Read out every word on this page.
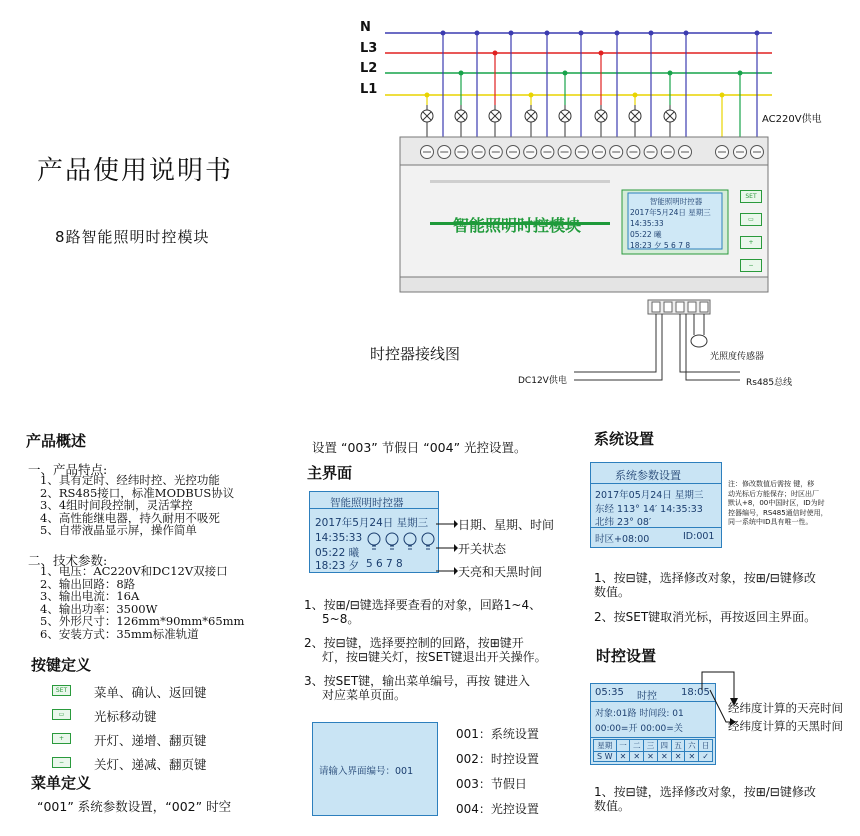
N
L3
L2
L1
AC220V供电
智能照明时控模块
智能照明时控器
2017年5月24日 星期三
14:35:33
05:22 曦
18:23 夕 5 6 7 8
SET
▭
+
−
光照度传感器
DC12V供电	Rs485总线
时控器接线图
产品使用说明书
8路智能照明时控模块
产品概述
一、产品特点:
1、具有定时、经纬时控、光控功能
2、RS485接口，标准MODBUS协议
3、4组时间段控制，灵活掌控
4、高性能继电器，持久耐用不吸死
5、自带液晶显示屏，操作简单
二、技术参数:
1、电压：AC220V和DC12V双接口
2、输出回路：8路
3、输出电流：16A
4、输出功率：3500W
5、外形尺寸：126mm*90mm*65mm
6、安装方式：35mm标准轨道
按键定义
SET	菜单、确认、返回键
▭	光标移动键
+	开灯、递增、翻页键
−	关灯、递减、翻页键
菜单定义
“001” 系统参数设置，“002” 时空
设置 “003” 节假日 “004” 光控设置。
主界面
智能照明时控器
2017年5月24日 星期三
14:35:33
05:22 曦
18:23 夕 5 6 7 8
日期、星期、时间
开关状态
天亮和天黑时间
1、按⊞/⊟键选择要查看的对象，回路1~4、
5~8。
2、按⊟键，选择要控制的回路，按⊞键开
灯，按⊟键关灯，按SET键退出开关操作。
3、按SET键，输出菜单编号，再按 键进入
对应菜单页面。
请输入界面编号：001
001：系统设置
002：时控设置
003：节假日
004：光控设置
系统设置
系统参数设置
2017年05月24日 星期三
东经 113° 14′ 14:35:33
北纬 23° 08′
时区+08:00	ID:001
注：修改数值后需按 键，移
动光标后方能保存；时区出厂
默认+8，00中国时区，ID为时
控器编号，RS485通信时使用，
同一系统中ID具有唯一性。
1、按⊟键，选择修改对象，按⊞/⊟键修改
数值。
2、按SET键取消光标，再按返回主界面。
时控设置
05:35 时控 18:05
对象:01路 时间段: 01
00:00=开 00:00=关
星期 一 二 三 四 五 六 日
S W ✕ ✕ ✕ ✕ ✕ ✕ ✓
经纬度计算的天亮时间
经纬度计算的天黑时间
1、按⊟键，选择修改对象，按⊞/⊟键修改
数值。
